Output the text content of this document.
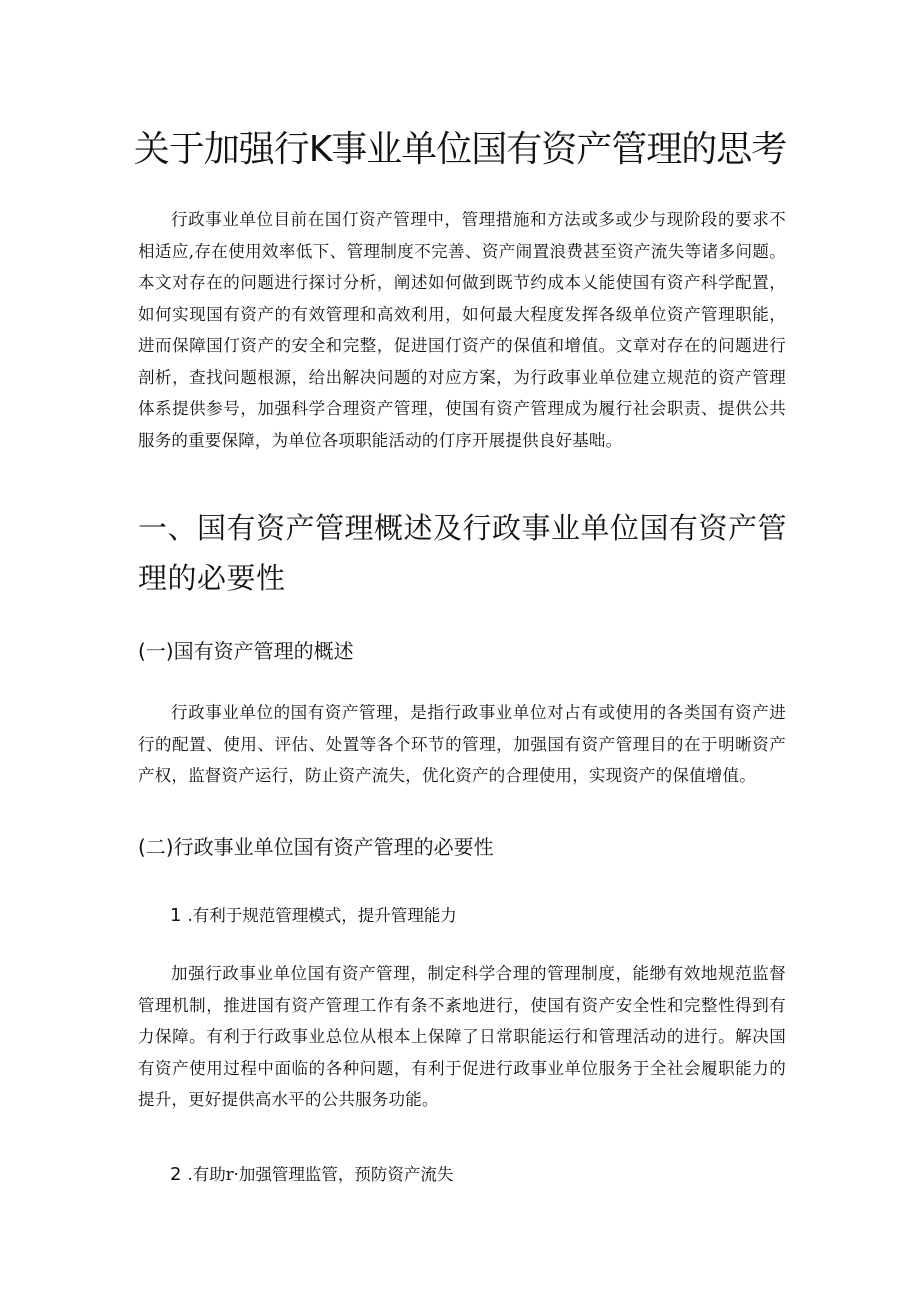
关于加强行K事业单位国有资产管理的思考

行政事业单位目前在国仃资产管理中，管理措施和方法或多或少与现阶段的要求不相适应,存在使用效率低下、管理制度不完善、资产闹置浪费甚至资产流失等诸多问题。本文对存在的问题进行探讨分析，阐述如何做到既节约成本乂能使国有资产科学配置，如何实现国有资产的有效管理和高效利用，如何最大程度发挥各级单位资产管理职能，进而保障国仃资产的安全和完整，促进国仃资产的保值和增值。文章对存在的问题进行剖析，查找问题根源，给出解决问题的对应方案，为行政事业单位建立规范的资产管理体系提供参号，加强科学合理资产管理，使国有资产管理成为履行社会职责、提供公共服务的重要保障，为单位各项职能活动的仃序开展提供良好基咄。

一、国有资产管理概述及行政事业单位国有资产管理的必要性
(一)国有资产管理的概述

行政事业单位的国有资产管理，是指行政事业单位对占有或使用的各类国有资产进行的配置、使用、评估、处置等各个环节的管理，加强国有资产管理目的在于明晰资产产权，监督资产运行，防止资产流失，优化资产的合理使用，实现资产的保值增值。

(二)行政事业单位国有资产管理的必要性
1 .有利于规范管理模式，提升管理能力

加强行政事业单位国有资产管理，制定科学合理的管理制度，能缈有效地规范监督管理机制，推进国有资产管理工作有条不紊地进行，使国有资产安全性和完整性得到有力保障。有利于行政事业总位从根本上保障了日常职能运行和管理活动的进行。解决国有资产使用过程中面临的各种问题，有利于促进行政事业单位服务于全社会履职能力的提升，更好提供高水平的公共服务功能。

2 .有助r·加强管理监管，预防资产流失
